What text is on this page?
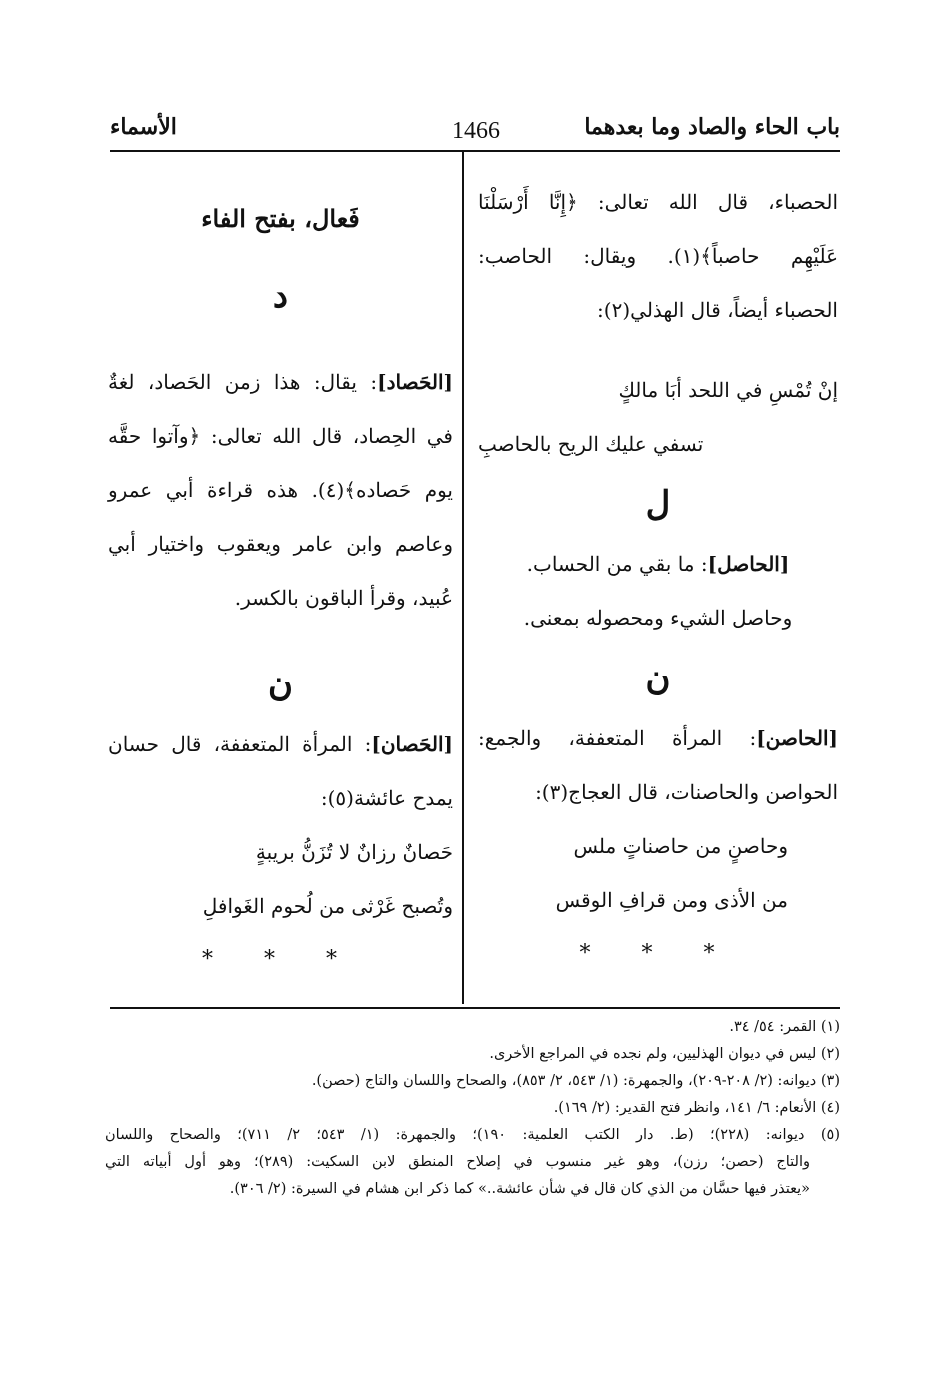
باب الحاء والصاد وما بعدهما
1466
الأسماء
الحصباء، قال الله تعالى: ﴿إِنَّا أَرْسَلْنَا
عَلَيْهِم حاصباً﴾(١). ويقال: الحاصب:
الحصباء أيضاً، قال الهذلي(٢):
إنْ تُمْسِ في اللحد أبَا مالكٍ
تسفي عليك الريح بالحاصبِ
ل
[الحاصل]: ما بقي من الحساب.
وحاصل الشيء ومحصوله بمعنى.
ن
[الحاصن]: المرأة المتعففة، والجمع:
الحواصن والحاصنات، قال العجاج(٣):
وحاصنٍ من حاصناتٍ ملس
من الأذى ومن قرافِ الوقس
* * *
فَعال، بفتح الفاء
د
[الحَصاد]: يقال: هذا زمن الحَصاد، لغةٌ
في الحِصاد، قال الله تعالى: ﴿وآتوا حقَّه
يوم حَصاده﴾(٤). هذه قراءة أبي عمرو
وعاصم وابن عامر ويعقوب واختيار أبي
عُبيد، وقرأ الباقون بالكسر.
ن
[الحَصان]: المرأة المتعففة، قال حسان
يمدح عائشة(٥):
حَصانٌ رزانٌ لا تُزَنُّ بريبةٍ
وتُصبح غَرْثى من لُحوم الغَوافلِ
* * *
(١) القمر: ٥٤/ ٣٤.
(٢) ليس في ديوان الهذليين، ولم نجده في المراجع الأخرى.
(٣) ديوانه: (٢/ ٢٠٨-٢٠٩)، والجمهرة: (١/ ٥٤٣، ٢/ ٨٥٣)، والصحاح واللسان والتاج (حصن).
(٤) الأنعام: ٦/ ١٤١، وانظر فتح القدير: (٢/ ١٦٩).
(٥) ديوانه: (٢٢٨)؛ (ط. دار الكتب العلمية: ١٩٠)؛ والجمهرة: (١/ ٥٤٣؛ ٢/ ٧١١)؛ والصحاح واللسان
والتاج (حصن؛ رزن)، وهو غير منسوب في إصلاح المنطق لابن السكيت: (٢٨٩)؛ وهو أول أبياته التي
«يعتذر فيها حسَّان من الذي كان قال في شأن عائشة..» كما ذكر ابن هشام في السيرة: (٢/ ٣٠٦).
